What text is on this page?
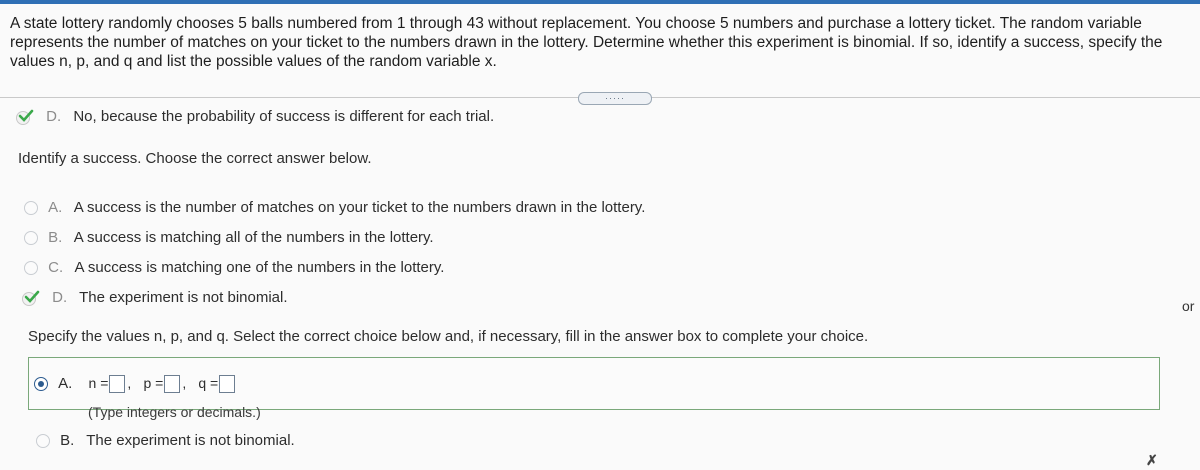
A state lottery randomly chooses 5 balls numbered from 1 through 43 without replacement. You choose 5 numbers and purchase a lottery ticket. The random variable represents the number of matches on your ticket to the numbers drawn in the lottery. Determine whether this experiment is binomial. If so, identify a success, specify the values n, p, and q and list the possible values of the random variable x.
·····
D. No, because the probability of success is different for each trial.
Identify a success. Choose the correct answer below.
A. A success is the number of matches on your ticket to the numbers drawn in the lottery.
B. A success is matching all of the numbers in the lottery.
C. A success is matching one of the numbers in the lottery.
D. The experiment is not binomial.	or
Specify the values n, p, and q. Select the correct choice below and, if necessary, fill in the answer box to complete your choice.
A. n = , p = , q =
(Type integers or decimals.)
B. The experiment is not binomial.
✗
